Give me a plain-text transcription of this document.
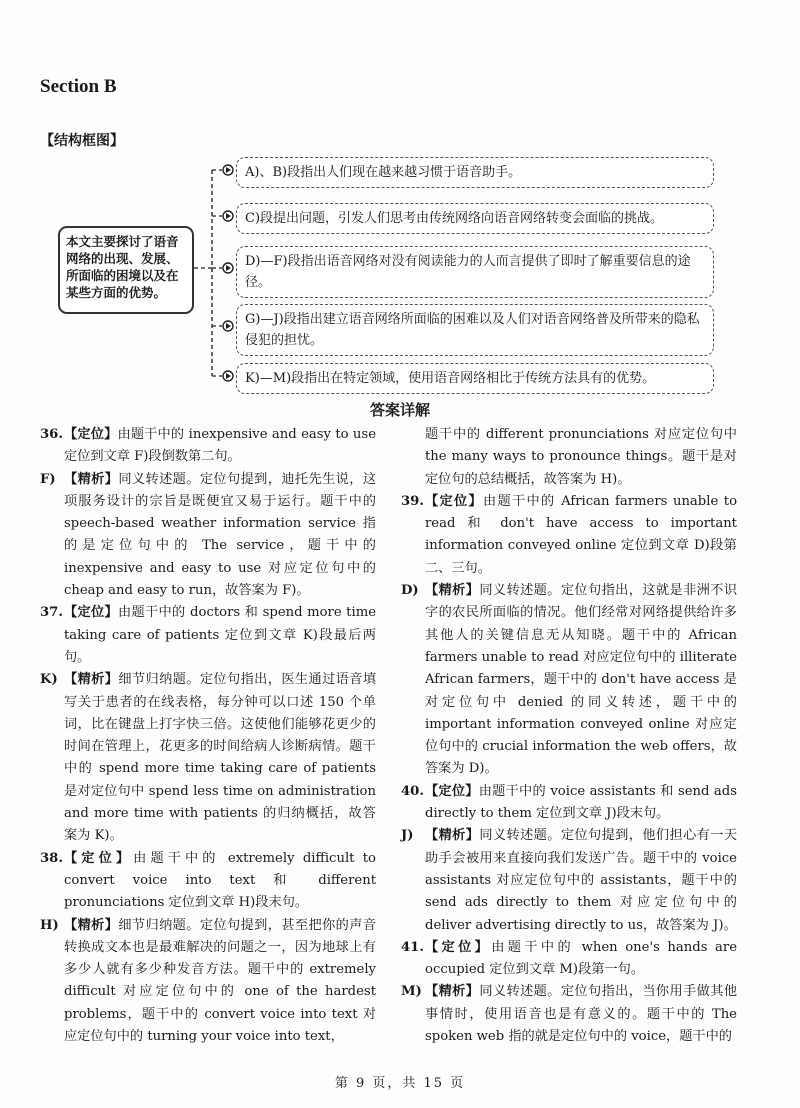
Section B
【结构框图】
本文主要探讨了语音网络的出现、发展、所面临的困境以及在某些方面的优势。
A)、B)段指出人们现在越来越习惯于语音助手。
C)段提出问题，引发人们思考由传统网络向语音网络转变会面临的挑战。
D)—F)段指出语音网络对没有阅读能力的人而言提供了即时了解重要信息的途径。
G)—J)段指出建立语音网络所面临的困难以及人们对语音网络普及所带来的隐私侵犯的担忧。
K)—M)段指出在特定领域，使用语音网络相比于传统方法具有的优势。
答案详解
36. 【定位】由题干中的 inexpensive and easy to use 定位到文章 F)段倒数第二句。
F) 【精析】同义转述题。定位句提到，迪托先生说，这项服务设计的宗旨是既便宜又易于运行。题干中的 speech-based weather information service 指的是定位句中的 The service，题干中的 inexpensive and easy to use 对应定位句中的 cheap and easy to run，故答案为 F)。
37. 【定位】由题干中的 doctors 和 spend more time taking care of patients 定位到文章 K)段最后两句。
K) 【精析】细节归纳题。定位句指出，医生通过语音填写关于患者的在线表格，每分钟可以口述 150 个单词，比在键盘上打字快三倍。这使他们能够花更少的时间在管理上，花更多的时间给病人诊断病情。题干中的 spend more time taking care of patients 是对定位句中 spend less time on administration and more time with patients 的归纳概括，故答案为 K)。
38. 【定位】由题干中的 extremely difficult to convert voice into text 和 different pronunciations 定位到文章 H)段末句。
H) 【精析】细节归纳题。定位句提到，甚至把你的声音转换成文本也是最难解决的问题之一，因为地球上有多少人就有多少种发音方法。题干中的 extremely difficult 对应定位句中的 one of the hardest problems，题干中的 convert voice into text 对应定位句中的 turning your voice into text，
题干中的 different pronunciations 对应定位句中 the many ways to pronounce things。题干是对定位句的总结概括，故答案为 H)。
39. 【定位】由题干中的 African farmers unable to read 和 don't have access to important information conveyed online 定位到文章 D)段第二、三句。
D) 【精析】同义转述题。定位句指出，这就是非洲不识字的农民所面临的情况。他们经常对网络提供给许多其他人的关键信息无从知晓。题干中的 African farmers unable to read 对应定位句中的 illiterate African farmers，题干中的 don't have access 是对定位句中 denied 的同义转述，题干中的 important information conveyed online 对应定位句中的 crucial information the web offers，故答案为 D)。
40. 【定位】由题干中的 voice assistants 和 send ads directly to them 定位到文章 J)段末句。
J) 【精析】同义转述题。定位句提到，他们担心有一天助手会被用来直接向我们发送广告。题干中的 voice assistants 对应定位句中的 assistants，题干中的 send ads directly to them 对应定位句中的 deliver advertising directly to us，故答案为 J)。
41. 【定位】由题干中的 when one's hands are occupied 定位到文章 M)段第一句。
M) 【精析】同义转述题。定位句指出，当你用手做其他事情时，使用语音也是有意义的。题干中的 The spoken web 指的就是定位句中的 voice，题干中的
第 9 页，共 15 页
